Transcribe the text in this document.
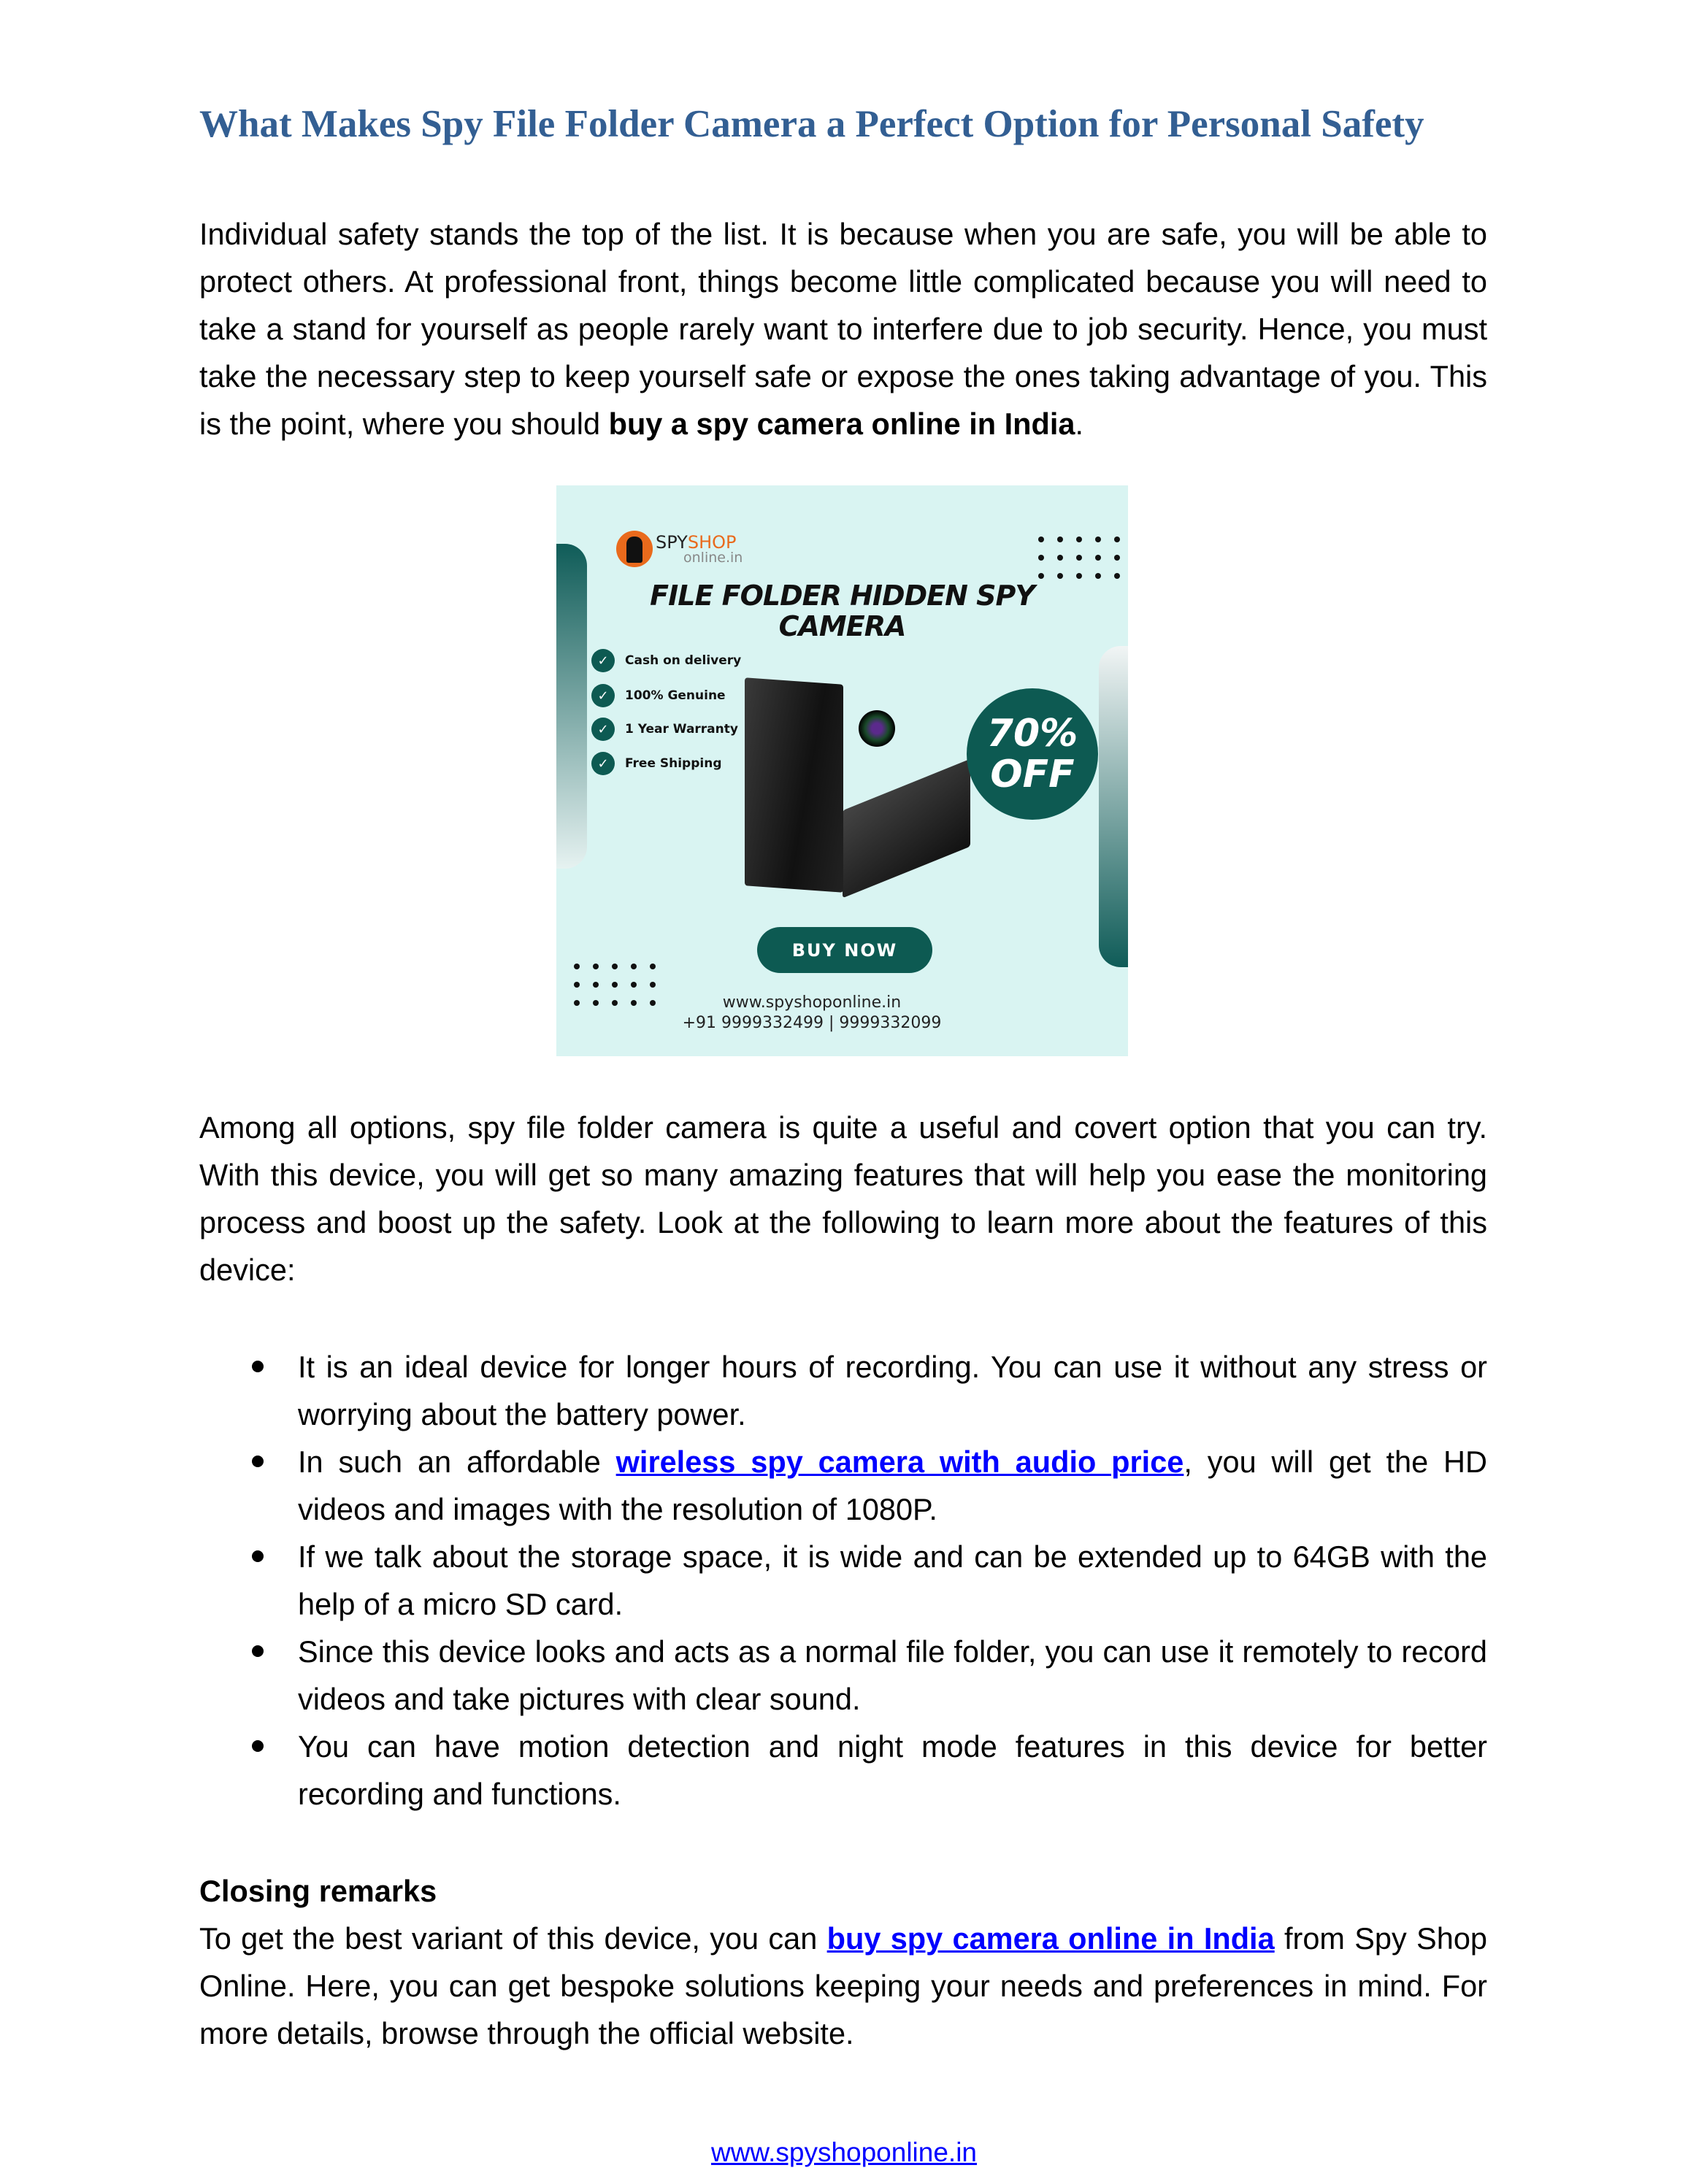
What Makes Spy File Folder Camera a Perfect Option for Personal Safety

Individual safety stands the top of the list. It is because when you are safe, you will be able to protect others. At professional front, things become little complicated because you will need to take a stand for yourself as people rarely want to interfere due to job security. Hence, you must take the necessary step to keep yourself safe or expose the ones taking advantage of you. This is the point, where you should buy a spy camera online in India.

SPYSHOP
online.in
FILE FOLDER HIDDEN SPY
CAMERA
✓	Cash on delivery
✓	100% Genuine
✓	1 Year Warranty
✓	Free Shipping
70%
OFF
BUY NOW
www.spyshoponline.in
+91 9999332499 | 9999332099

Among all options, spy file folder camera is quite a useful and covert option that you can try. With this device, you will get so many amazing features that will help you ease the monitoring process and boost up the safety. Look at the following to learn more about the features of this device:

It is an ideal device for longer hours of recording. You can use it without any stress or worrying about the battery power.
In such an affordable wireless spy camera with audio price, you will get the HD videos and images with the resolution of 1080P.
If we talk about the storage space, it is wide and can be extended up to 64GB with the help of a micro SD card.
Since this device looks and acts as a normal file folder, you can use it remotely to record videos and take pictures with clear sound.
You can have motion detection and night mode features in this device for better recording and functions.
Closing remarks

To get the best variant of this device, you can buy spy camera online in India from Spy Shop Online. Here, you can get bespoke solutions keeping your needs and preferences in mind. For more details, browse through the official website.

www.spyshoponline.in
